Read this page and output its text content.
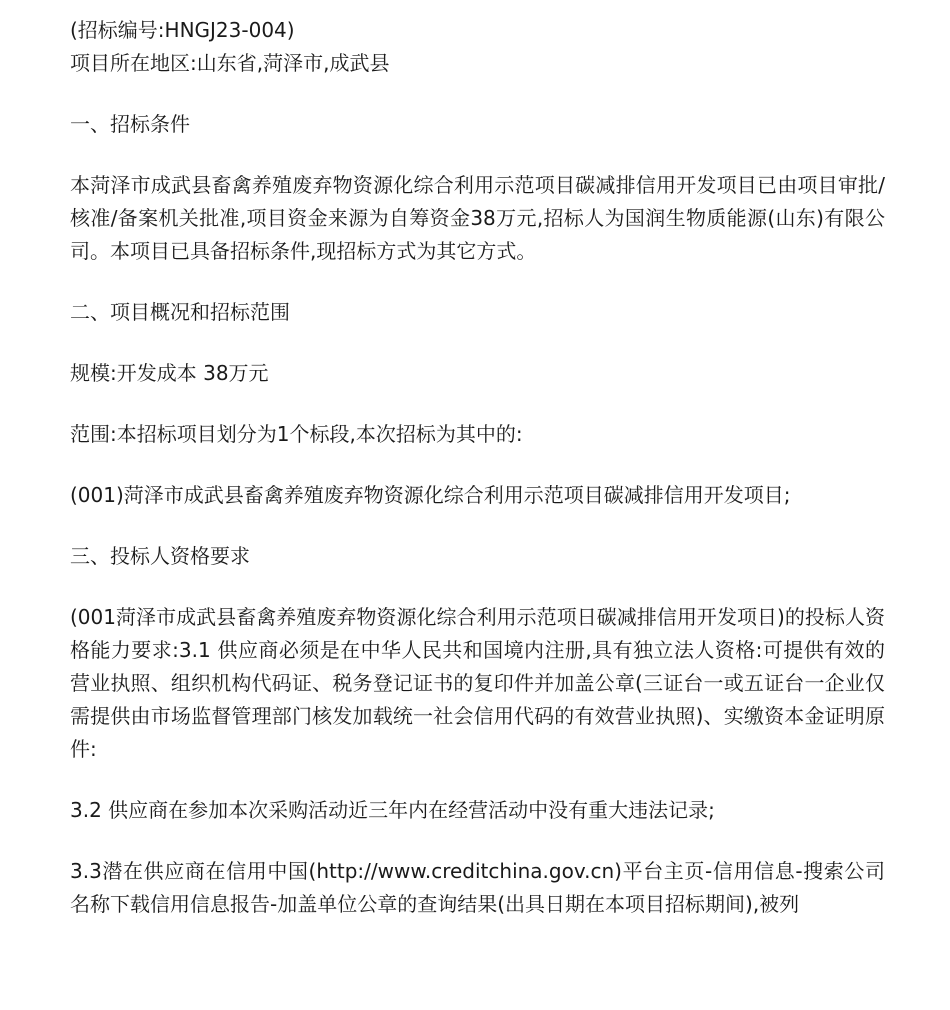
(招标编号:HNGJ23-004)

项目所在地区:山东省,菏泽市,成武县

一、招标条件

本菏泽市成武县畜禽养殖废弃物资源化综合利用示范项目碳减排信用开发项目已由项目审批/核准/备案机关批准,项目资金来源为自筹资金38万元,招标人为国润生物质能源(山东)有限公司。本项目已具备招标条件,现招标方式为其它方式。

二、项目概况和招标范围

规模:开发成本 38万元

范围:本招标项目划分为1个标段,本次招标为其中的:

(001)菏泽市成武县畜禽养殖废弃物资源化综合利用示范项目碳减排信用开发项目;

三、投标人资格要求

(001菏泽市成武县畜禽养殖废弃物资源化综合利用示范项日碳减排信用开发项日)的投标人资格能力要求:3.1 供应商必须是在中华人民共和国境内注册,具有独立法人资格:可提供有效的营业执照、组织机构代码证、税务登记证书的复印件并加盖公章(三证台一或五证台一企业仅需提供由市场监督管理部门核发加载统一社会信用代码的有效营业执照)、实缴资本金证明原件:

3.2 供应商在参加本次采购活动近三年内在经营活动中没有重大违法记录;

3.3潜在供应商在信用中国(http://www.creditchina.gov.cn)平台主页-信用信息-搜索公司名称下载信用信息报告-加盖单位公章的查询结果(出具日期在本项目招标期间),被列
